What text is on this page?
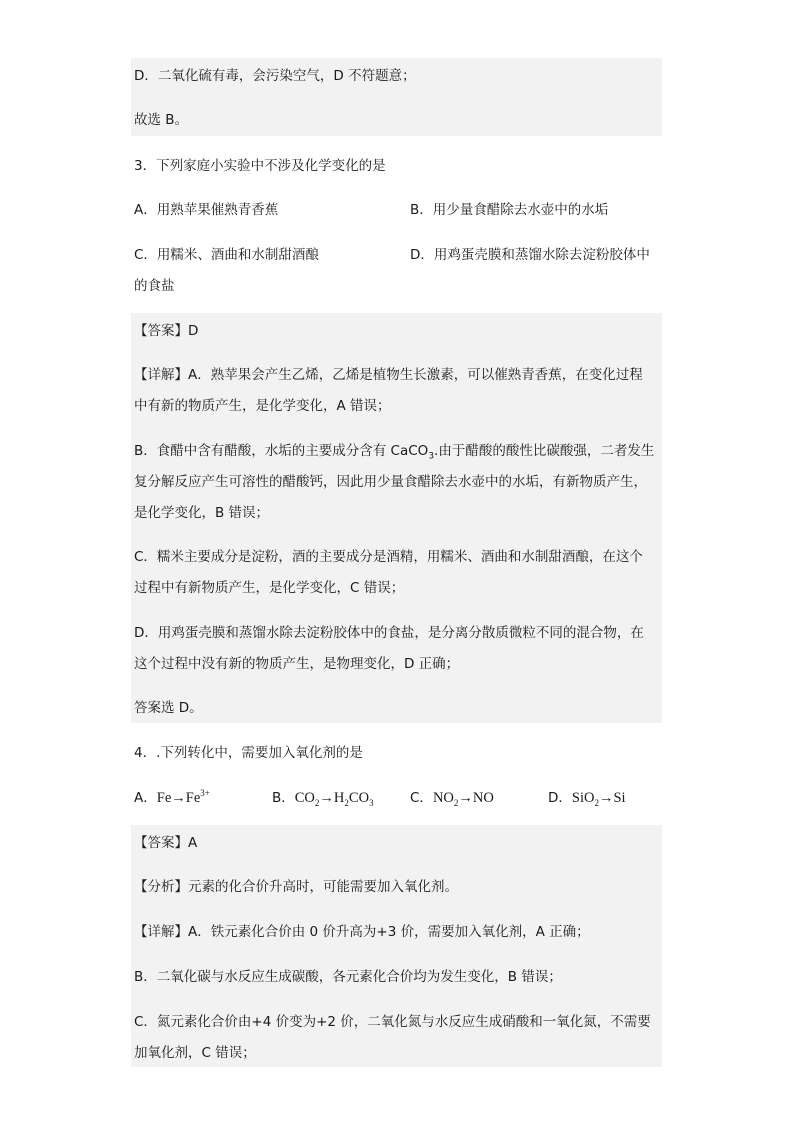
D．二氧化硫有毒，会污染空气，D 不符题意；
故选 B。
3．下列家庭小实验中不涉及化学变化的是
A．用熟苹果催熟青香蕉	B．用少量食醋除去水壶中的水垢
C．用糯米、酒曲和水制甜酒酿	D．用鸡蛋壳膜和蒸馏水除去淀粉胶体中
的食盐
【答案】D
【详解】A．熟苹果会产生乙烯，乙烯是植物生长激素，可以催熟青香蕉，在变化过程
中有新的物质产生，是化学变化，A 错误；
B．食醋中含有醋酸，水垢的主要成分含有 CaCO$_3$.由于醋酸的酸性比碳酸强，二者发生
复分解反应产生可溶性的醋酸钙，因此用少量食醋除去水壶中的水垢，有新物质产生，
是化学变化，B 错误；
C．糯米主要成分是淀粉，酒的主要成分是酒精，用糯米、酒曲和水制甜酒酿，在这个
过程中有新物质产生，是化学变化，C 错误；
D．用鸡蛋壳膜和蒸馏水除去淀粉胶体中的食盐，是分离分散质微粒不同的混合物，在
这个过程中没有新的物质产生，是物理变化，D 正确；
答案选 D。
4．.下列转化中，需要加入氧化剂的是
A．$Fe\to Fe^{3+}$	B．$CO_2\to H_2CO_3$	C．$NO_2\to NO$	D．SiO$_2$→Si
【答案】A
【分析】元素的化合价升高时，可能需要加入氧化剂。
【详解】A．铁元素化合价由 0 价升高为+3 价，需要加入氧化剂，A 正确；
B．二氧化碳与水反应生成碳酸，各元素化合价均为发生变化，B 错误；
C．氮元素化合价由+4 价变为+2 价，二氧化氮与水反应生成硝酸和一氧化氮，不需要
加氧化剂，C 错误；
